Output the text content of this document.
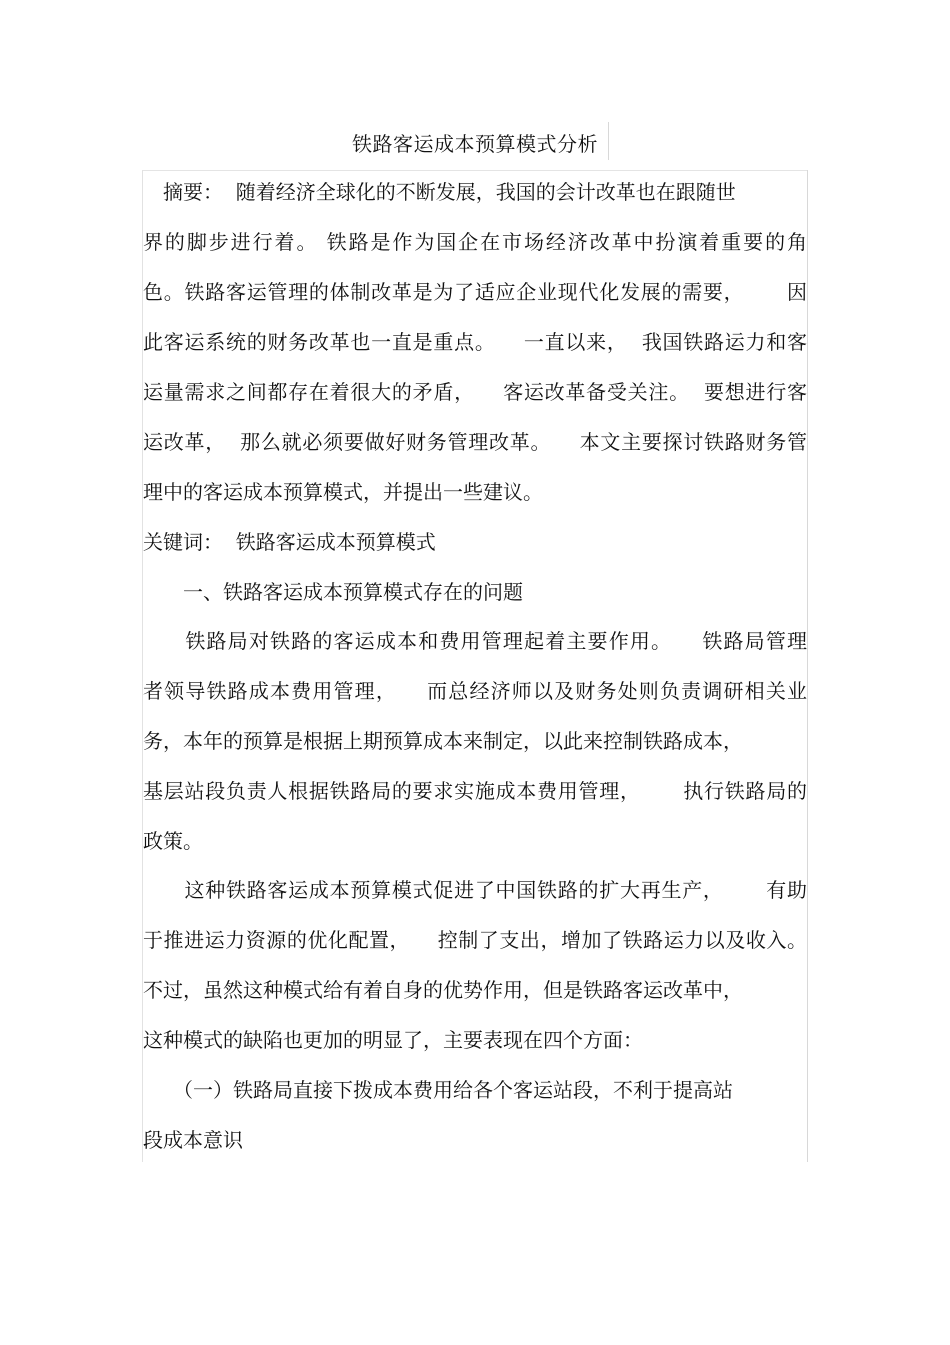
铁路客运成本预算模式分析
　摘要：  随着经济全球化的不断发展，我国的会计改革也在跟随世
界的脚步进行着。 铁路是作为国企在市场经济改革中扮演着重要的角
色。铁路客运管理的体制改革是为了适应企业现代化发展的需要，      因
此客运系统的财务改革也一直是重点。    一直以来，  我国铁路运力和客
运量需求之间都存在着很大的矛盾，    客运改革备受关注。  要想进行客
运改革，  那么就必须要做好财务管理改革。    本文主要探讨铁路财务管
理中的客运成本预算模式，并提出一些建议。
关键词：  铁路客运成本预算模式
　　一、铁路客运成本预算模式存在的问题
　　铁路局对铁路的客运成本和费用管理起着主要作用。    铁路局管理
者领导铁路成本费用管理，    而总经济师以及财务处则负责调研相关业
务，本年的预算是根据上期预算成本来制定，以此来控制铁路成本，
基层站段负责人根据铁路局的要求实施成本费用管理，      执行铁路局的
政策。
　　这种铁路客运成本预算模式促进了中国铁路的扩大再生产，      有助
于推进运力资源的优化配置，    控制了支出，增加了铁路运力以及收入。
不过，虽然这种模式给有着自身的优势作用，但是铁路客运改革中，
这种模式的缺陷也更加的明显了，主要表现在四个方面：
　　（一）铁路局直接下拨成本费用给各个客运站段，不利于提高站
段成本意识
